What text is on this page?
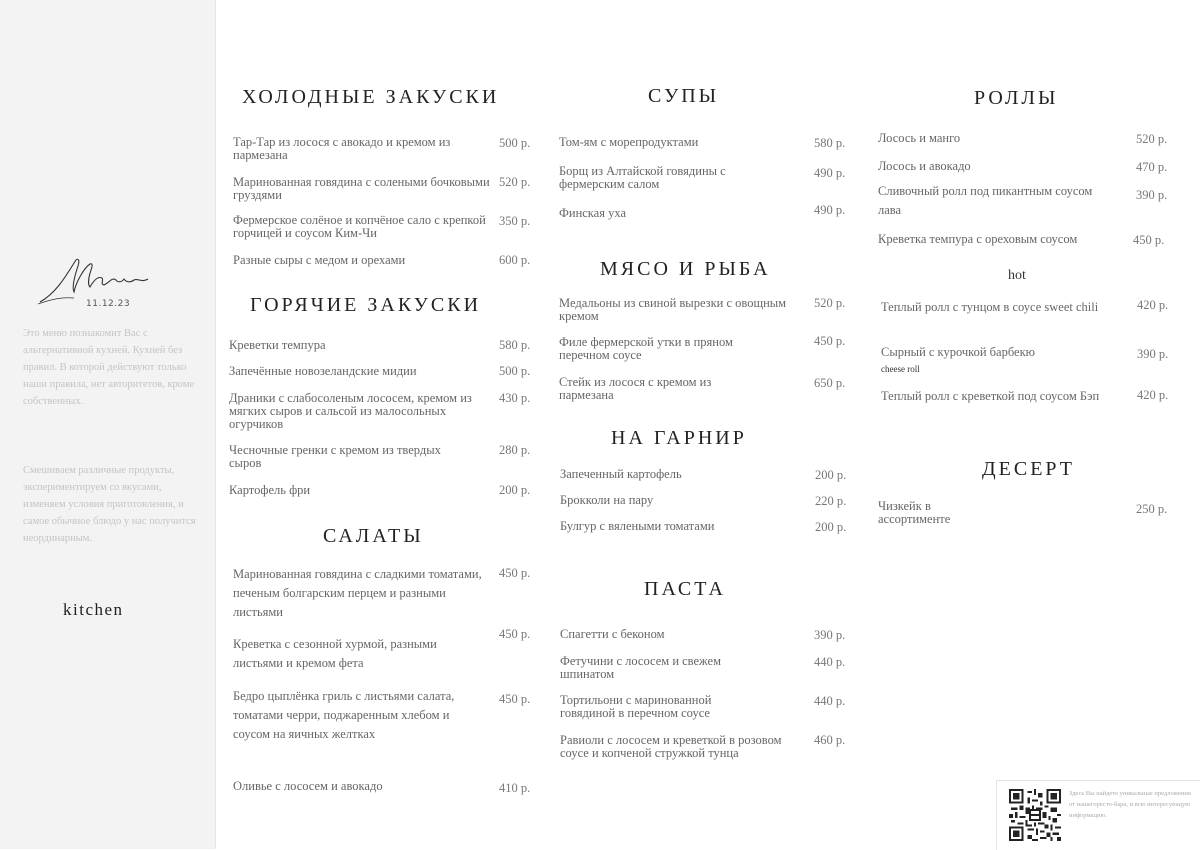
11.12.23
Это меню познакомит Вас с альтернативной кухней. Кухней без правил. В которой действуют только наши правила, нет авторитетов, кроме собственных.
Смешиваем различные продукты, экспериментируем со вкусами, изменяем условия приготовления, и самое обычное блюдо у нас получится неординарным.
kitchen
ХОЛОДНЫЕ ЗАКУСКИ
Тар-Тар из лосося с авокадо и кремом из пармезана
500 р.
Маринованная говядина с солеными бочковыми груздями
520 р.
Фермерское солёное и копчёное сало с крепкой горчицей и соусом Ким-Чи
350 р.
Разные сыры с медом и орехами	600 р.
ГОРЯЧИЕ ЗАКУСКИ
Креветки темпура	580 р.
Запечённые новозеландские мидии	500 р.
Драники с слабосоленым лососем, кремом из мягких сыров и сальсой из малосольных огурчиков
430 р.
Чесночные гренки с кремом из твердых сыров
280 р.
Картофель фри	200 р.
САЛАТЫ
Маринованная говядина с сладкими томатами, печеным болгарским перцем и разными листьями
450 р.
Креветка с сезонной хурмой, разными листьями и кремом фета
450 р.
Бедро цыплёнка гриль с листьями салата, томатами черри, поджаренным хлебом и соусом на яичных желтках
450 р.
Оливье с лососем и авокадо	410 р.
СУПЫ
Том-ям с морепродуктами	580 р.
Борщ из Алтайской говядины с фермерским салом
490 р.
Финская уха	490 р.
МЯСО И РЫБА
Медальоны из свиной вырезки с овощным кремом
520 р.
Филе фермерской утки в пряном перечном соусе
450 р.
Стейк из лосося с кремом из пармезана
650 р.
НА ГАРНИР
Запеченный картофель	200 р.
Брокколи на пару	220 р.
Булгур с вялеными томатами	200 р.
ПАСТА
Спагетти с беконом	390 р.
Фетучини с лососем и свежем шпинатом
440 р.
Тортильони с маринованной говядиной в перечном соусе
440 р.
Равиоли с лососем и креветкой в розовом соусе и копченой стружкой тунца
460 р.
РОЛЛЫ
Лосось и манго	520 р.
Лосось и авокадо	470 р.
Сливочный ролл под пикантным соусом лава
390 р.
Креветка темпура с ореховым соусом	450 р.
hot
Теплый ролл с тунцом в соусе sweet chili	420 р.
Сырный с курочкой барбекю	390 р.
cheese roll
Теплый ролл с креветкой под соусом Бэп	420 р.
ДЕСЕРТ
Чизкейк в ассортименте
250 р.
Здесь Вы найдете уникальные предложения от нашегоресто-бара, и всю интересующую информацию.
